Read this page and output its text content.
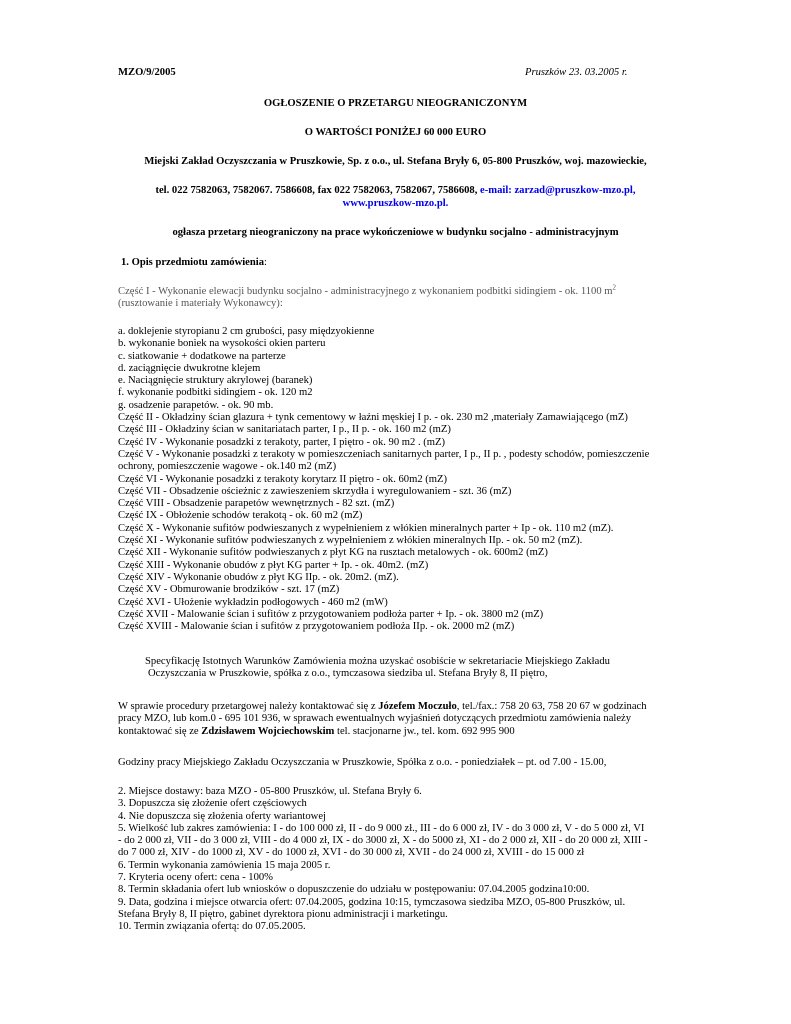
MZO/9/2005	Pruszków 23. 03.2005 r.
OGŁOSZENIE O PRZETARGU NIEOGRANICZONYM
O WARTOŚCI PONIŻEJ 60 000 EURO
Miejski Zakład Oczyszczania w Pruszkowie, Sp. z o.o., ul. Stefana Bryły 6, 05-800 Pruszków, woj. mazowieckie,
tel. 022 7582063, 7582067. 7586608, fax 022 7582063, 7582067, 7586608, e-mail: zarzad@pruszkow-mzo.pl,
www.pruszkow-mzo.pl.
ogłasza przetarg nieograniczony na prace wykończeniowe w budynku socjalno - administracyjnym
1. Opis przedmiotu zamówienia:
Część I - Wykonanie elewacji budynku socjalno - administracyjnego z wykonaniem podbitki sidingiem - ok. 1100 $m^2$
(rusztowanie i materiały Wykonawcy):
a. doklejenie styropianu 2 cm grubości, pasy międzyokienne
b. wykonanie boniek na wysokości okien parteru
c. siatkowanie + dodatkowe na parterze
d. zaciągnięcie dwukrotne klejem
e. Naciągnięcie struktury akrylowej (baranek)
f. wykonanie podbitki sidingiem - ok. 120 m2
g. osadzenie parapetów. - ok. 90 mb.
Część II - Okładziny ścian glazura + tynk cementowy w łaźni męskiej I p. - ok. 230 m2 ,materiały Zamawiającego (mZ)
Część III - Okładziny ścian w sanitariatach parter, I p., II p. - ok. 160 m2 (mZ)
Część IV - Wykonanie posadzki z terakoty, parter, I piętro - ok. 90 m2 . (mZ)
Część V - Wykonanie posadzki z terakoty w pomieszczeniach sanitarnych parter, I p., II p. , podesty schodów, pomieszczenie
ochrony, pomieszczenie wagowe - ok.140 m2 (mZ)
Część VI - Wykonanie posadzki z terakoty korytarz II piętro - ok. 60m2 (mZ)
Część VII - Obsadzenie ościeżnic z zawieszeniem skrzydła i wyregulowaniem - szt. 36 (mZ)
Część VIII - Obsadzenie parapetów wewnętrznych - 82 szt. (mZ)
Część IX - Obłożenie schodów terakotą - ok. 60 m2 (mZ)
Część X - Wykonanie sufitów podwieszanych z wypełnieniem z włókien mineralnych parter + Ip - ok. 110 m2 (mZ).
Część XI - Wykonanie sufitów podwieszanych z wypełnieniem z włókien mineralnych IIp. - ok. 50 m2 (mZ).
Część XII - Wykonanie sufitów podwieszanych z płyt KG na rusztach metalowych - ok. 600m2 (mZ)
Część XIII - Wykonanie obudów z płyt KG parter + Ip. - ok. 40m2. (mZ)
Część XIV - Wykonanie obudów z płyt KG IIp. - ok. 20m2. (mZ).
Część XV - Obmurowanie brodzików - szt. 17 (mZ)
Część XVI - Ułożenie wykładzin podłogowych - 460 m2 (mW)
Część XVII - Malowanie ścian i sufitów z przygotowaniem podłoża parter + Ip. - ok. 3800 m2 (mZ)
Część XVIII - Malowanie ścian i sufitów z przygotowaniem podłoża IIp. - ok. 2000 m2 (mZ)
Specyfikację Istotnych Warunków Zamówienia można uzyskać osobiście w sekretariacie Miejskiego Zakładu
Oczyszczania w Pruszkowie, spółka z o.o., tymczasowa siedziba ul. Stefana Bryły 8, II piętro,
W sprawie procedury przetargowej należy kontaktować się z Józefem Moczuło, tel./fax.: 758 20 63, 758 20 67 w godzinach
pracy MZO, lub kom.0 - 695 101 936, w sprawach ewentualnych wyjaśnień dotyczących przedmiotu zamówienia należy
kontaktować się ze Zdzisławem Wojciechowskim tel. stacjonarne jw., tel. kom. 692 995 900
Godziny pracy Miejskiego Zakładu Oczyszczania w Pruszkowie, Spółka z o.o. - poniedziałek – pt. od 7.00 - 15.00,
2. Miejsce dostawy: baza MZO - 05-800 Pruszków, ul. Stefana Bryły 6.
3. Dopuszcza się złożenie ofert częściowych
4. Nie dopuszcza się złożenia oferty wariantowej
5. Wielkość lub zakres zamówienia: I - do 100 000 zł, II - do 9 000 zł., III - do 6 000 zł, IV - do 3 000 zł, V - do 5 000 zł, VI
- do 2 000 zł, VII - do 3 000 zł, VIII - do 4 000 zł, IX - do 3000 zł, X - do 5000 zł, XI - do 2 000 zł, XII - do 20 000 zł, XIII -
do 7 000 zł, XIV - do 1000 zł, XV - do 1000 zł, XVI - do 30 000 zł, XVII - do 24 000 zł, XVIII - do 15 000 zł
6. Termin wykonania zamówienia 15 maja 2005 r.
7. Kryteria oceny ofert: cena - 100%
8. Termin składania ofert lub wniosków o dopuszczenie do udziału w postępowaniu: 07.04.2005 godzina10:00.
9. Data, godzina i miejsce otwarcia ofert: 07.04.2005, godzina 10:15, tymczasowa siedziba MZO, 05-800 Pruszków, ul.
Stefana Bryły 8, II piętro, gabinet dyrektora pionu administracji i marketingu.
10. Termin związania ofertą: do 07.05.2005.
